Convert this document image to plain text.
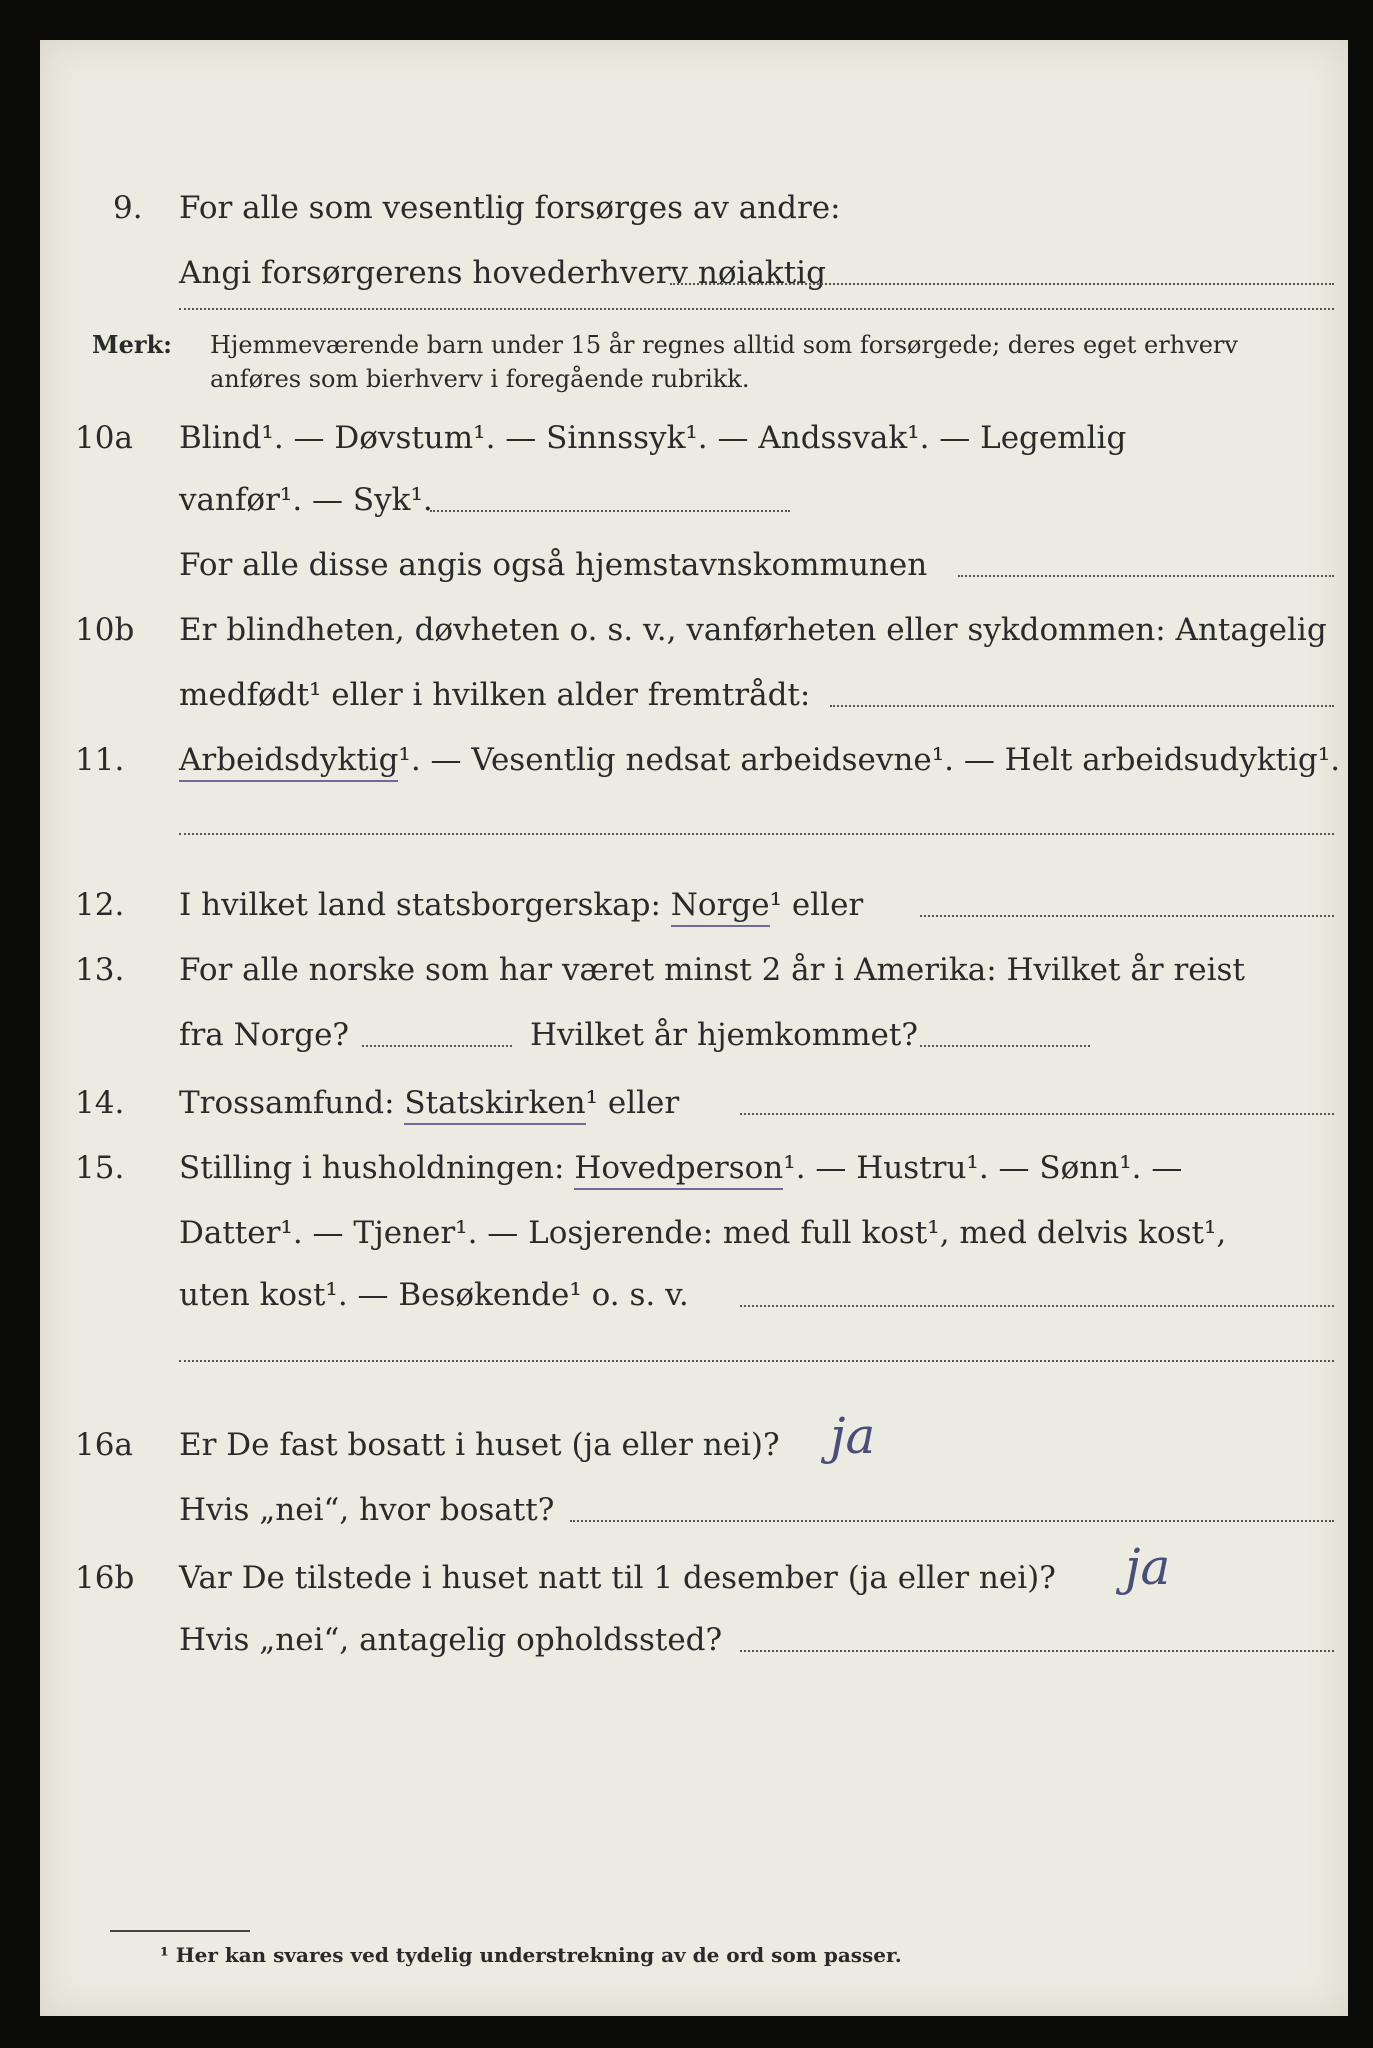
9.	For alle som vesentlig forsørges av andre:
Angi forsørgerens hovederhverv nøiaktig
Merk: Hjemmeværende barn under 15 år regnes alltid som forsørgede; deres eget erhverv
anføres som bierhverv i foregående rubrikk.
10a	Blind¹. — Døvstum¹. — Sinnssyk¹. — Andssvak¹. — Legemlig
vanfør¹. — Syk¹.
For alle disse angis også hjemstavnskommunen
10b	Er blindheten, døvheten o. s. v., vanførheten eller sykdommen: Antagelig
medfødt¹ eller i hvilken alder fremtrådt:
11.	Arbeidsdyktig¹. — Vesentlig nedsat arbeidsevne¹. — Helt arbeidsudyktig¹.
12.	I hvilket land statsborgerskap: Norge¹ eller
13.	For alle norske som har været minst 2 år i Amerika: Hvilket år reist
fra Norge?	Hvilket år hjemkommet?
14.	Trossamfund: Statskirken¹ eller
15.	Stilling i husholdningen: Hovedperson¹. — Hustru¹. — Sønn¹. —
Datter¹. — Tjener¹. — Losjerende: med full kost¹, med delvis kost¹,
uten kost¹. — Besøkende¹ o. s. v.
16a	Er De fast bosatt i huset (ja eller nei)? ja
Hvis „nei“, hvor bosatt?
16b	Var De tilstede i huset natt til 1 desember (ja eller nei)? ja
Hvis „nei“, antagelig opholdssted?
¹ Her kan svares ved tydelig understrekning av de ord som passer.
